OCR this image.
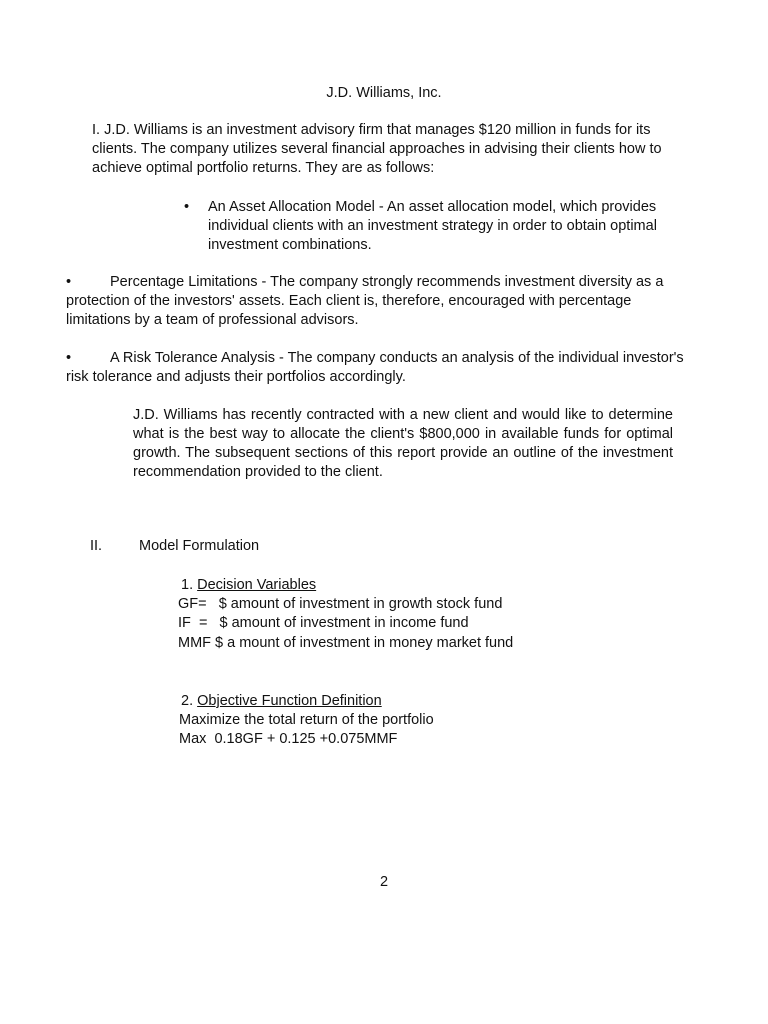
J.D. Williams, Inc.
I. J.D. Williams is an investment advisory firm that manages $120 million in funds for its clients. The company utilizes several financial approaches in advising their clients how to achieve optimal portfolio returns. They are as follows:
•	An Asset Allocation Model - An asset allocation model, which provides individual clients with an investment strategy in order to obtain optimal investment combinations.
•	Percentage Limitations - The company strongly recommends investment diversity as a protection of the investors' assets. Each client is, therefore, encouraged with percentage limitations by a team of professional advisors.
•	A Risk Tolerance Analysis - The company conducts an analysis of the individual investor's risk tolerance and adjusts their portfolios accordingly.
J.D. Williams has recently contracted with a new client and would like to determine what is the best way to allocate the client's $800,000 in available funds for optimal growth. The subsequent sections of this report provide an outline of the investment recommendation provided to the client.
II.	Model Formulation
1. Decision Variables
GF=   $ amount of investment in growth stock fund
IF  =   $ amount of investment in income fund
MMF $ a mount of investment in money market fund
2. Objective Function Definition
Maximize the total return of the portfolio
Max  0.18GF + 0.125 +0.075MMF
2
